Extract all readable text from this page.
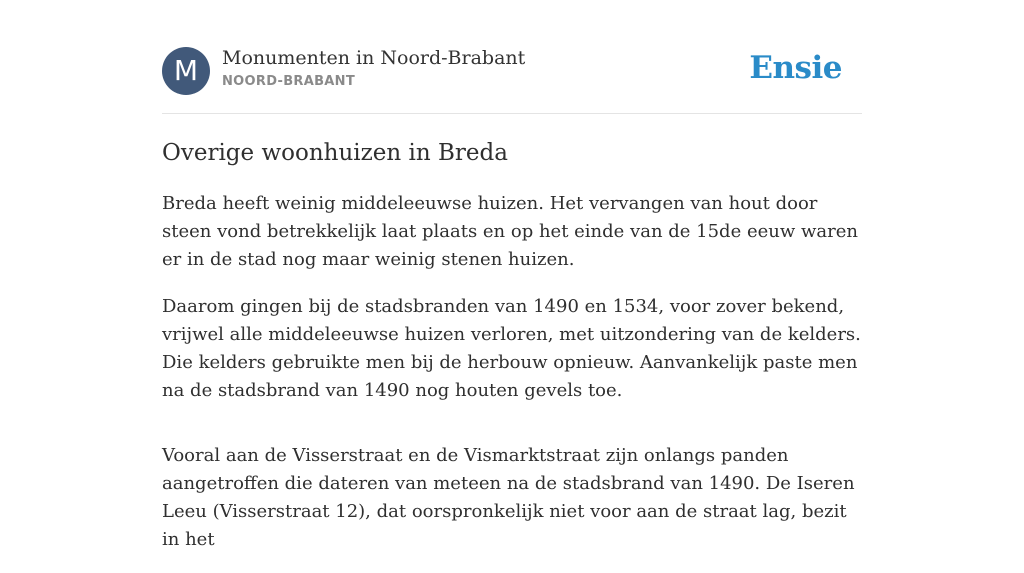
M	Monumenten in Noord-Brabant
NOORD-BRABANT	Ensie
Overige woonhuizen in Breda

Breda heeft weinig middeleeuwse huizen. Het vervangen van hout door steen vond betrekkelijk laat plaats en op het einde van de 15de eeuw waren er in de stad nog maar weinig stenen huizen.

Daarom gingen bij de stadsbranden van 1490 en 1534, voor zover bekend, vrijwel alle middeleeuwse huizen verloren, met uitzondering van de kelders. Die kelders gebruikte men bij de herbouw opnieuw. Aanvankelijk paste men na de stadsbrand van 1490 nog houten gevels toe.

Vooral aan de Visserstraat en de Vismarktstraat zijn onlangs panden aangetroffen die dateren van meteen na de stadsbrand van 1490. De Iseren Leeu (Visserstraat 12), dat oorspronkelijk niet voor aan de straat lag, bezit in het
